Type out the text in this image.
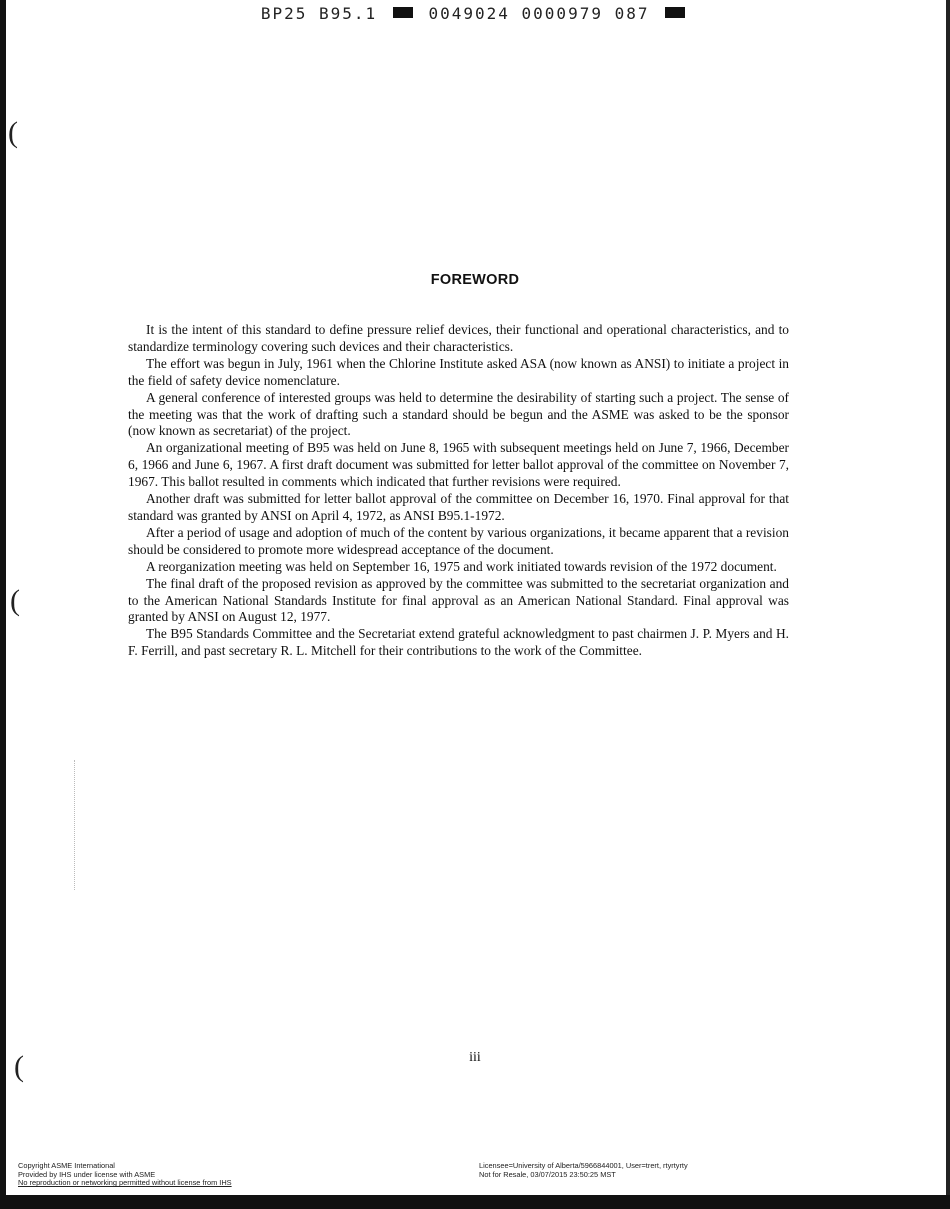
BP25 B95.1	0049024 0000979 087
(
(
(
FOREWORD

It is the intent of this standard to define pressure relief devices, their functional and operational characteristics, and to standardize terminology covering such devices and their characteristics.

The effort was begun in July, 1961 when the Chlorine Institute asked ASA (now known as ANSI) to initiate a project in the field of safety device nomenclature.

A general conference of interested groups was held to determine the desirability of starting such a project. The sense of the meeting was that the work of drafting such a standard should be begun and the ASME was asked to be the sponsor (now known as secretariat) of the project.

An organizational meeting of B95 was held on June 8, 1965 with subsequent meetings held on June 7, 1966, December 6, 1966 and June 6, 1967. A first draft document was submitted for letter ballot approval of the committee on November 7, 1967. This ballot resulted in comments which indicated that further revisions were required.

Another draft was submitted for letter ballot approval of the committee on December 16, 1970. Final approval for that standard was granted by ANSI on April 4, 1972, as ANSI B95.1-1972.

After a period of usage and adoption of much of the content by various organizations, it became apparent that a revision should be considered to promote more widespread acceptance of the document.

A reorganization meeting was held on September 16, 1975 and work initiated towards revision of the 1972 document.

The final draft of the proposed revision as approved by the committee was submitted to the secretariat organization and to the American National Standards Institute for final approval as an American National Standard. Final approval was granted by ANSI on August 12, 1977.

The B95 Standards Committee and the Secretariat extend grateful acknowledgment to past chairmen J. P. Myers and H. F. Ferrill, and past secretary R. L. Mitchell for their contributions to the work of the Committee.

iii
Copyright ASME International
Provided by IHS under license with ASME
No reproduction or networking permitted without license from IHS
Licensee=University of Alberta/5966844001, User=trert, rtyrtyrty
Not for Resale, 03/07/2015 23:50:25 MST
